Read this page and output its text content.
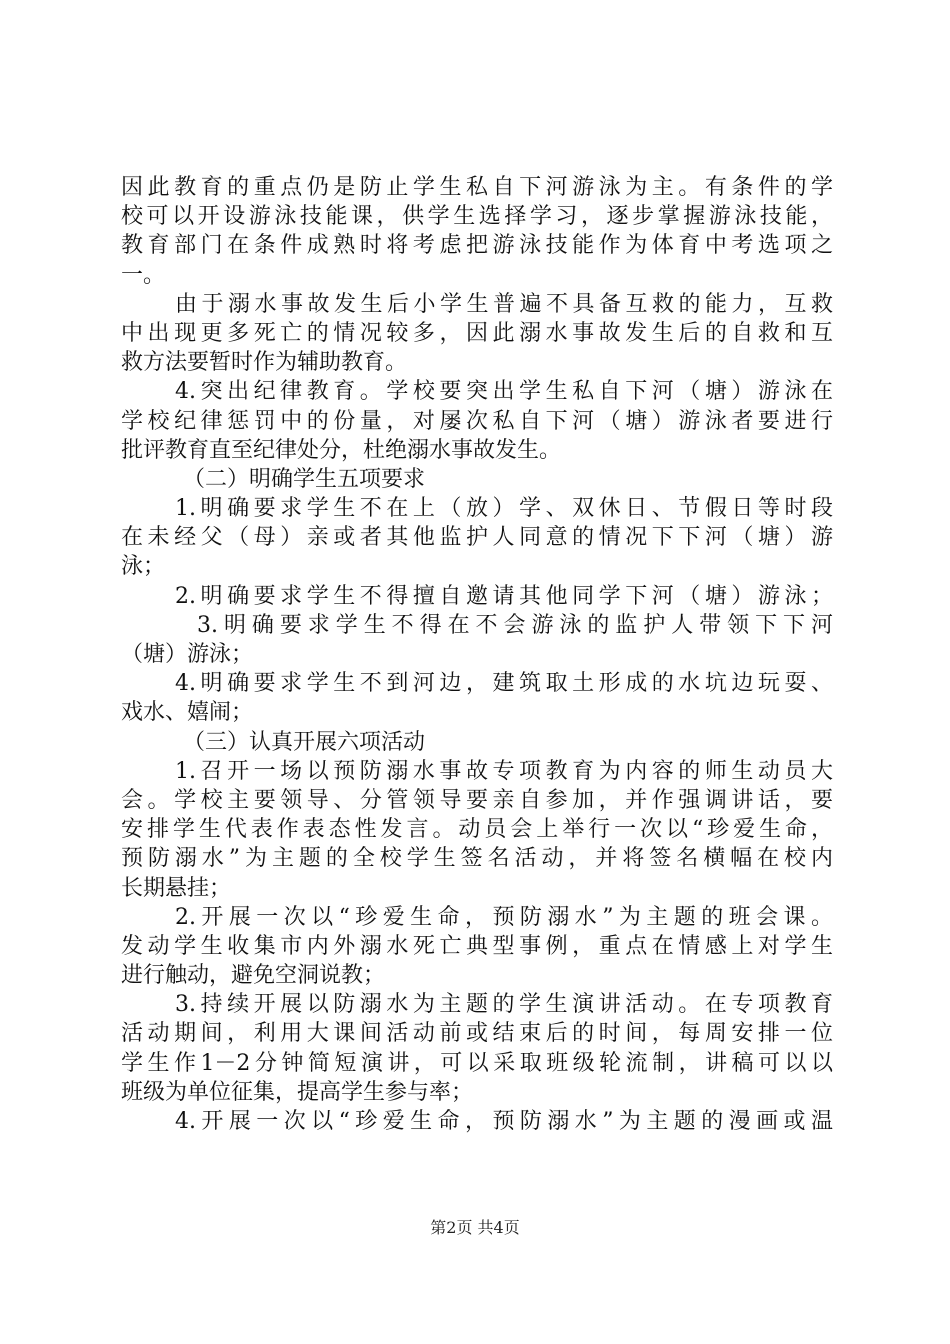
因此教育的重点仍是防止学生私自下河游泳为主。有条件的学
校可以开设游泳技能课，供学生选择学习，逐步掌握游泳技能，
教育部门在条件成熟时将考虑把游泳技能作为体育中考选项之
一。
由于溺水事故发生后小学生普遍不具备互救的能力，互救
中出现更多死亡的情况较多，因此溺水事故发生后的自救和互
救方法要暂时作为辅助教育。
4.突出纪律教育。学校要突出学生私自下河（塘）游泳在
学校纪律惩罚中的份量，对屡次私自下河（塘）游泳者要进行
批评教育直至纪律处分，杜绝溺水事故发生。
（二）明确学生五项要求
1.明确要求学生不在上（放）学、双休日、节假日等时段
在未经父（母）亲或者其他监护人同意的情况下下河（塘）游
泳；
2.明确要求学生不得擅自邀请其他同学下河（塘）游泳；
3.明确要求学生不得在不会游泳的监护人带领下下河
（塘）游泳；
4.明确要求学生不到河边，建筑取土形成的水坑边玩耍、
戏水、嬉闹；
（三）认真开展六项活动
1.召开一场以预防溺水事故专项教育为内容的师生动员大
会。学校主要领导、分管领导要亲自参加，并作强调讲话，要
安排学生代表作表态性发言。动员会上举行一次以“珍爱生命，
预防溺水”为主题的全校学生签名活动，并将签名横幅在校内
长期悬挂；
2.开展一次以“珍爱生命，预防溺水”为主题的班会课。
发动学生收集市内外溺水死亡典型事例，重点在情感上对学生
进行触动，避免空洞说教；
3.持续开展以防溺水为主题的学生演讲活动。在专项教育
活动期间，利用大课间活动前或结束后的时间，每周安排一位
学生作1－2分钟简短演讲，可以采取班级轮流制，讲稿可以以
班级为单位征集，提高学生参与率；
4.开展一次以“珍爱生命，预防溺水”为主题的漫画或温
第2页 共4页
